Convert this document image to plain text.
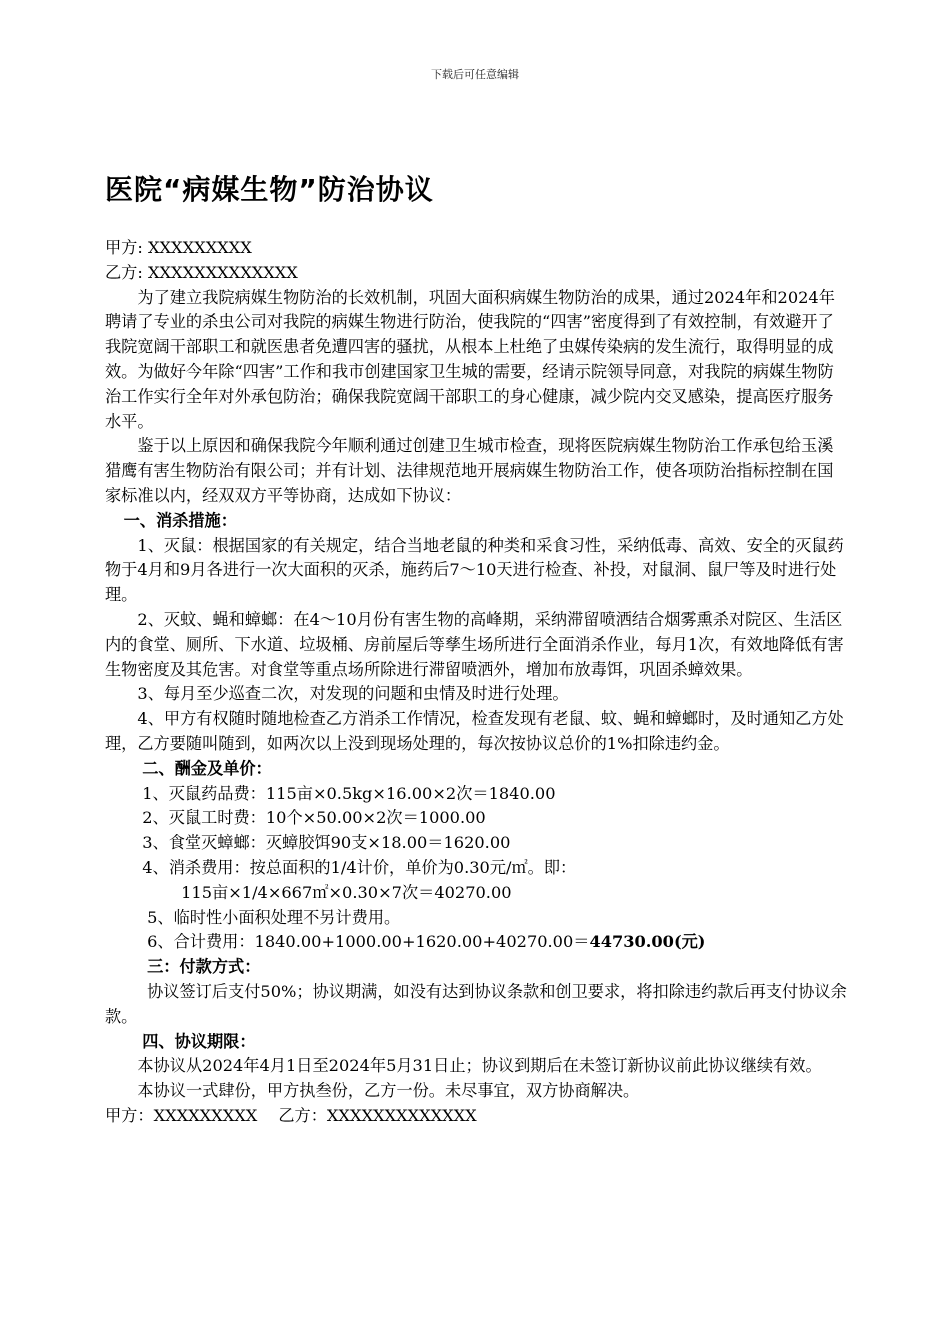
下载后可任意编辑
医院“病媒生物”防治协议

甲方: XXXXXXXXX

乙方: XXXXXXXXXXXXX

为了建立我院病媒生物防治的长效机制，巩固大面积病媒生物防治的成果，通过2024年和2024年聘请了专业的杀虫公司对我院的病媒生物进行防治，使我院的“四害”密度得到了有效控制，有效避开了我院宽阔干部职工和就医患者免遭四害的骚扰，从根本上杜绝了虫媒传染病的发生流行，取得明显的成效。为做好今年除“四害”工作和我市创建国家卫生城的需要，经请示院领导同意，对我院的病媒生物防治工作实行全年对外承包防治；确保我院宽阔干部职工的身心健康，减少院内交叉感染，提高医疗服务水平。

鉴于以上原因和确保我院今年顺利通过创建卫生城市检查，现将医院病媒生物防治工作承包给玉溪猎鹰有害生物防治有限公司；并有计划、法律规范地开展病媒生物防治工作，使各项防治指标控制在国家标准以内，经双双方平等协商，达成如下协议：

一、消杀措施：

1、灭鼠：根据国家的有关规定，结合当地老鼠的种类和采食习性，采纳低毒、高效、安全的灭鼠药物于4月和9月各进行一次大面积的灭杀，施药后7～10天进行检查、补投，对鼠洞、鼠尸等及时进行处理。

2、灭蚊、蝇和蟑螂：在4～10月份有害生物的高峰期，采纳滞留喷洒结合烟雾熏杀对院区、生活区内的食堂、厕所、下水道、垃圾桶、房前屋后等孳生场所进行全面消杀作业，每月1次，有效地降低有害生物密度及其危害。对食堂等重点场所除进行滞留喷洒外，增加布放毒饵，巩固杀蟑效果。

3、每月至少巡查二次，对发现的问题和虫情及时进行处理。

4、甲方有权随时随地检查乙方消杀工作情况，检查发现有老鼠、蚊、蝇和蟑螂时，及时通知乙方处理，乙方要随叫随到，如两次以上没到现场处理的，每次按协议总价的1%扣除违约金。

二、酬金及单价：

1、灭鼠药品费：115亩×0.5kg×16.00×2次＝1840.00

2、灭鼠工时费：10个×50.00×2次＝1000.00

3、食堂灭蟑螂：灭蟑胶饵90支×18.00＝1620.00

4、消杀费用：按总面积的1/4计价，单价为0.30元/㎡。即：

115亩×1/4×667㎡×0.30×7次＝40270.00

5、临时性小面积处理不另计费用。

6、合计费用：1840.00+1000.00+1620.00+40270.00＝44730.00(元)

三：付款方式：

协议签订后支付50%；协议期满，如没有达到协议条款和创卫要求，将扣除违约款后再支付协议余款。

四、协议期限：

本协议从2024年4月1日至2024年5月31日止；协议到期后在未签订新协议前此协议继续有效。

本协议一式肆份，甲方执叁份，乙方一份。未尽事宜，双方协商解决。

甲方：XXXXXXXXX 乙方：XXXXXXXXXXXXX
